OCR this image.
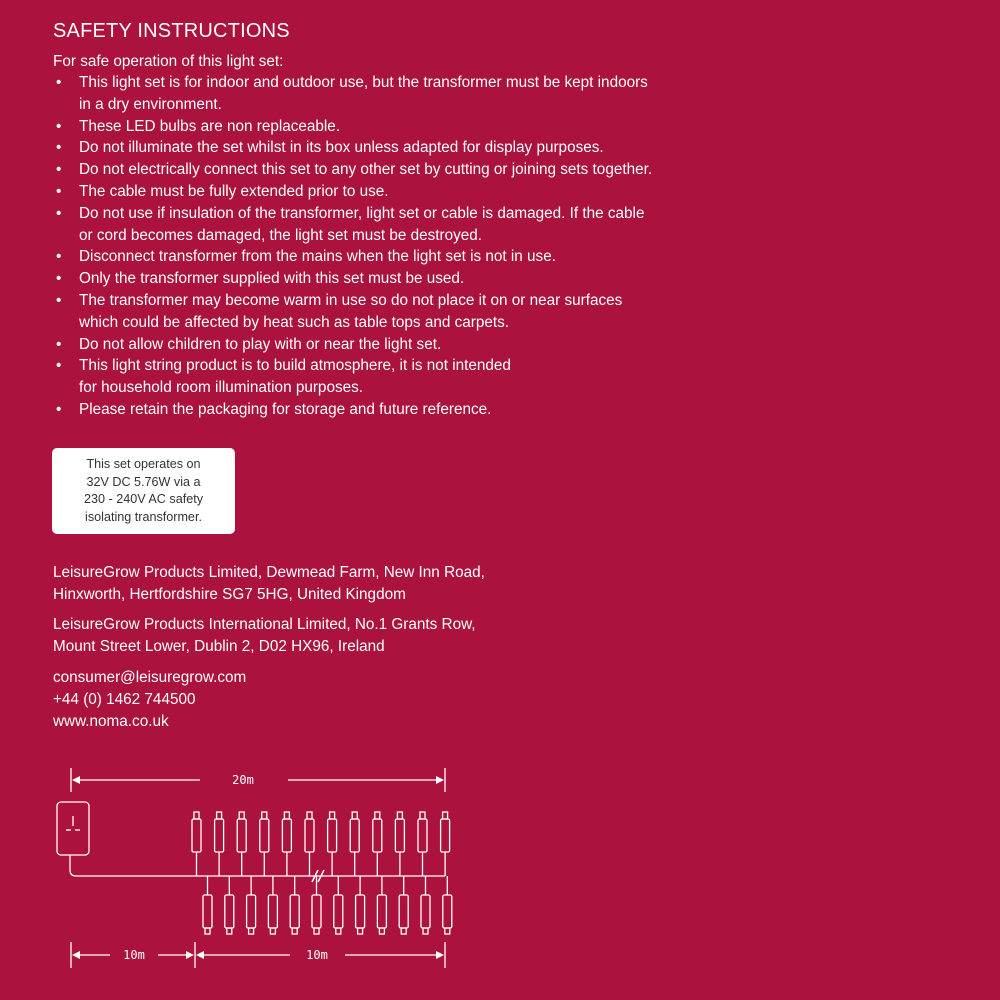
SAFETY INSTRUCTIONS
For safe operation of this light set:
• This light set is for indoor and outdoor use, but the transformer must be kept indoors
in a dry environment.
• These LED bulbs are non replaceable.
• Do not illuminate the set whilst in its box unless adapted for display purposes.
• Do not electrically connect this set to any other set by cutting or joining sets together.
• The cable must be fully extended prior to use.
• Do not use if insulation of the transformer, light set or cable is damaged. If the cable
or cord becomes damaged, the light set must be destroyed.
• Disconnect transformer from the mains when the light set is not in use.
• Only the transformer supplied with this set must be used.
• The transformer may become warm in use so do not place it on or near surfaces
which could be affected by heat such as table tops and carpets.
• Do not allow children to play with or near the light set.
• This light string product is to build atmosphere, it is not intended
for household room illumination purposes.
• Please retain the packaging for storage and future reference.
This set operates on
32V DC 5.76W via a
230 - 240V AC safety
isolating transformer.
LeisureGrow Products Limited, Dewmead Farm, New Inn Road,
Hinxworth, Hertfordshire SG7 5HG, United Kingdom
LeisureGrow Products International Limited, No.1 Grants Row,
Mount Street Lower, Dublin 2, D02 HX96, Ireland
consumer@leisuregrow.com
+44 (0) 1462 744500
www.noma.co.uk
20m
10m	10m
